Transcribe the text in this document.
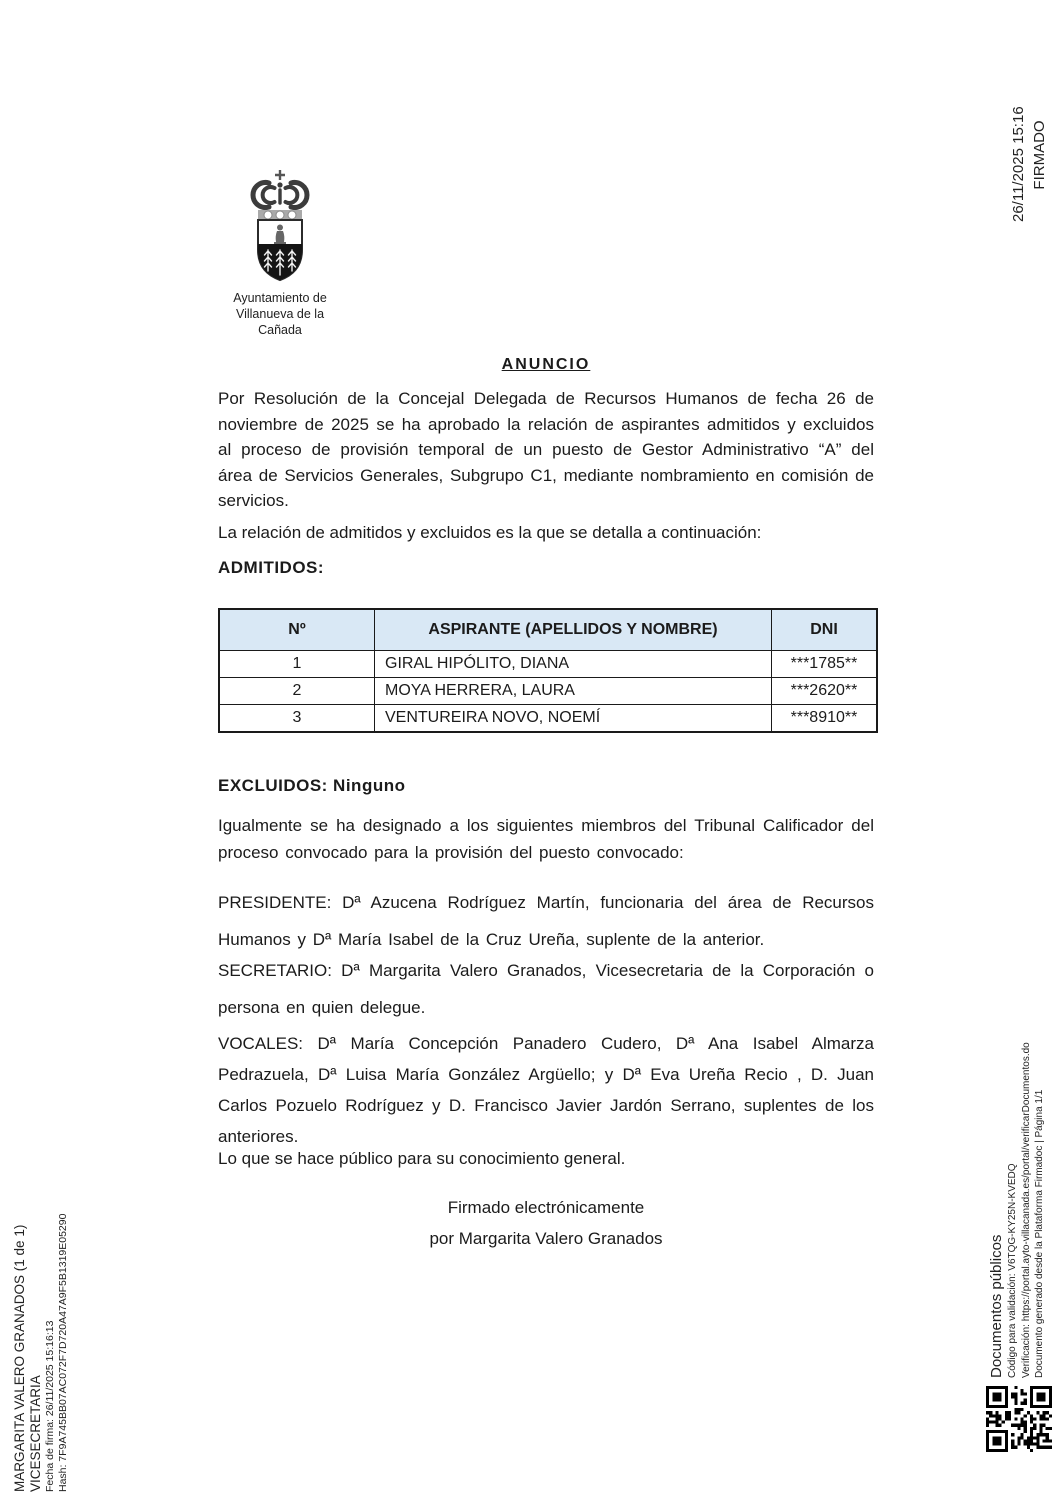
Ayuntamiento de
Villanueva de la Cañada
ANUNCIO

Por Resolución de la Concejal Delegada de Recursos Humanos de fecha 26 de noviembre de 2025 se ha aprobado la relación de aspirantes admitidos y excluidos al proceso de provisión temporal de un puesto de Gestor Administrativo “A” del área de Servicios Generales, Subgrupo C1, mediante nombramiento en comisión de servicios.

La relación de admitidos y excluidos es la que se detalla a continuación:

ADMITIDOS:

Nº	ASPIRANTE (APELLIDOS Y NOMBRE)	DNI
1	GIRAL HIPÓLITO, DIANA	***1785**
2	MOYA HERRERA, LAURA	***2620**
3	VENTUREIRA NOVO, NOEMÍ	***8910**

EXCLUIDOS: Ninguno

Igualmente se ha designado a los siguientes miembros del Tribunal Calificador del proceso convocado para la provisión del puesto convocado:

PRESIDENTE: Dª Azucena Rodríguez Martín, funcionaria del área de Recursos Humanos y Dª María Isabel de la Cruz Ureña, suplente de la anterior.

SECRETARIO: Dª Margarita Valero Granados, Vicesecretaria de la Corporación o persona en quien delegue.

VOCALES: Dª María Concepción Panadero Cudero, Dª Ana Isabel Almarza Pedrazuela, Dª Luisa María González Argüello; y Dª Eva Ureña Recio , D. Juan Carlos Pozuelo Rodríguez y D. Francisco Javier Jardón Serrano, suplentes de los anteriores.

Lo que se hace público para su conocimiento general.

Firmado electrónicamente

por Margarita Valero Granados

MARGARITA VALERO GRANADOS (1 de 1) VICESECRETARIA Fecha de firma: 26/11/2025 15:16:13 Hash: 7F9A745BB07AC072F7D720A47A9F5B1319E05290
26/11/2025 15:16 FIRMADO
Documentos públicos Código para validación: V6TQG-KY25N-KVEDQ Verificación: https://portal.ayto-villacanada.es/portal/verificarDocumentos.do Documento generado desde la Plataforma Firmadoc | Página 1/1
